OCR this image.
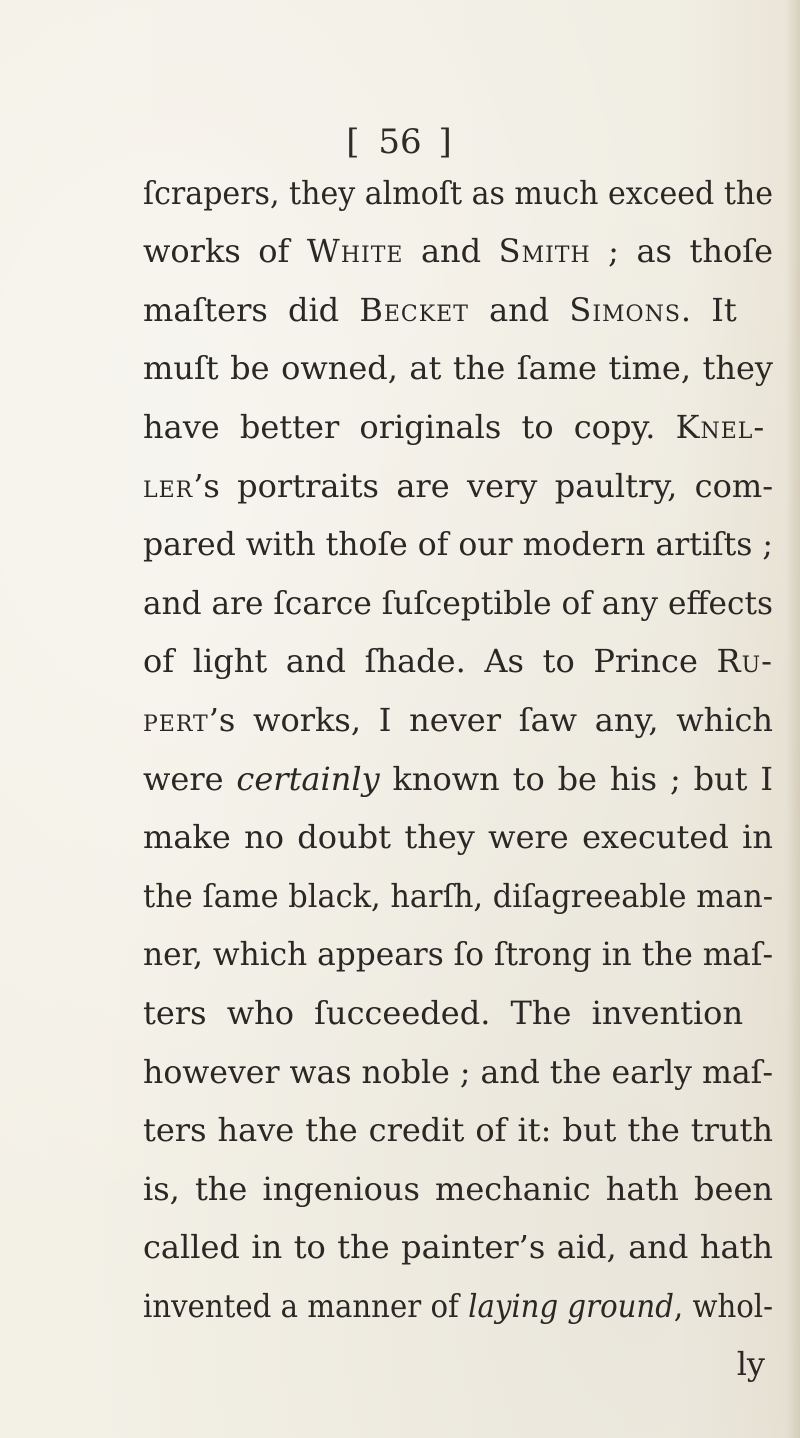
[ 56 ]
ſcrapers, they almoſt as much exceed the
works of White and Smith ; as thoſe
maſters did Becket and Simons. It
muſt be owned, at the ſame time, they
have better originals to copy. Knel-
ler’s portraits are very paultry, com-
pared with thoſe of our modern artiſts ;
and are ſcarce ſuſceptible of any effects
of light and ſhade. As to Prince Ru-
pert’s works, I never ſaw any, which
were certainly known to be his ; but I
make no doubt they were executed in
the ſame black, harſh, diſagreeable man-
ner, which appears ſo ſtrong in the maſ-
ters who ſucceeded. The invention
however was noble ; and the early maſ-
ters have the credit of it: but the truth
is, the ingenious mechanic hath been
called in to the painter’s aid, and hath
invented a manner of laying ground, whol-
ly
